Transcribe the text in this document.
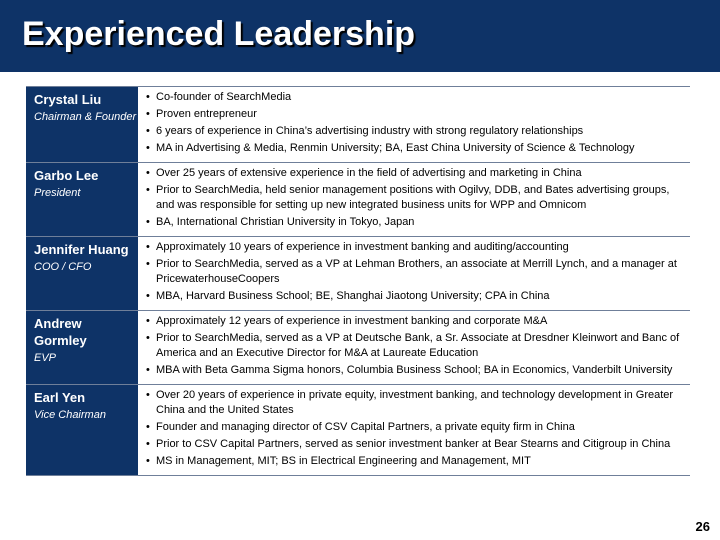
Experienced Leadership
Crystal Liu
Chairman & Founder
• Co-founder of SearchMedia
• Proven entrepreneur
• 6 years of experience in China’s advertising industry with strong regulatory relationships
• MA in Advertising & Media, Renmin University; BA, East China University of Science & Technology
Garbo Lee
President
• Over 25 years of extensive experience in the field of advertising and marketing in China
• Prior to SearchMedia, held senior management positions with Ogilvy, DDB, and Bates advertising groups, and was responsible for setting up new integrated business units for WPP and Omnicom
• BA, International Christian University in Tokyo, Japan
Jennifer Huang
COO / CFO
• Approximately 10 years of experience in investment banking and auditing/accounting
• Prior to SearchMedia, served as a VP at Lehman Brothers, an associate at Merrill Lynch, and a manager at PricewaterhouseCoopers
• MBA, Harvard Business School; BE, Shanghai Jiaotong University; CPA in China
Andrew Gormley
EVP
• Approximately 12 years of experience in investment banking and corporate M&A
• Prior to SearchMedia, served as a VP at Deutsche Bank, a Sr. Associate at Dresdner Kleinwort and Banc of America and an Executive Director for M&A at Laureate Education
• MBA with Beta Gamma Sigma honors, Columbia Business School; BA in Economics, Vanderbilt University
Earl Yen
Vice Chairman
• Over 20 years of experience in private equity, investment banking, and technology development in Greater China and the United States
• Founder and managing director of CSV Capital Partners, a private equity firm in China
• Prior to CSV Capital Partners, served as senior investment banker at Bear Stearns and Citigroup in China
• MS in Management, MIT; BS in Electrical Engineering and Management, MIT
26
